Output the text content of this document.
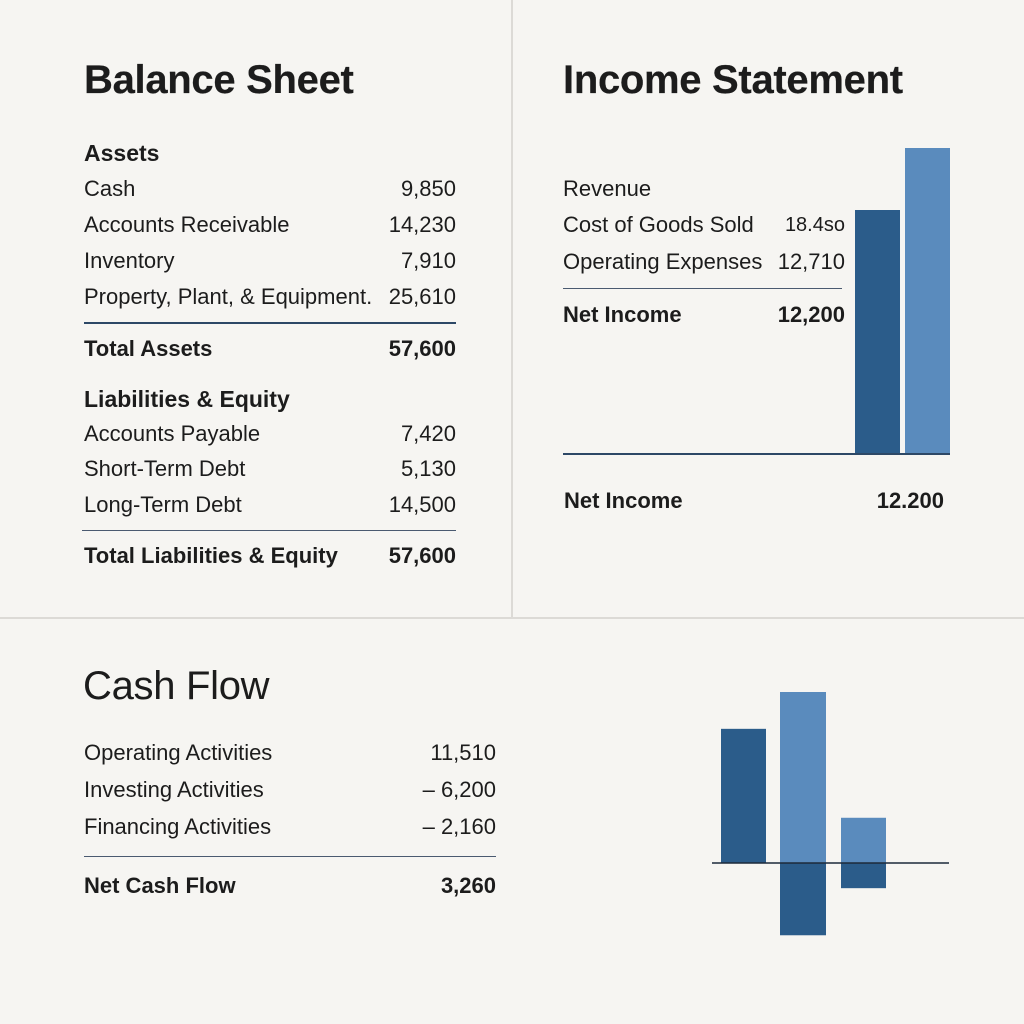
Balance Sheet
Assets
Cash	9,850
Accounts Receivable	14,230
Inventory	7,910
Property, Plant, & Equipment. 25,610
Total Assets	57,600
Liabilities & Equity
Accounts Payable	7,420
Short-Term Debt	5,130
Long-Term Debt	14,500
Total Liabilities & Equity 57,600
Income Statement
Revenue
Cost of Goods Sold 18.4so
Operating Expenses 12,710
Net Income	12,200
Net Income	12.200
Cash Flow
Operating Activities	11,510
Investing Activities	– 6,200
Financing Activities	– 2,160
Net Cash Flow	3,260
